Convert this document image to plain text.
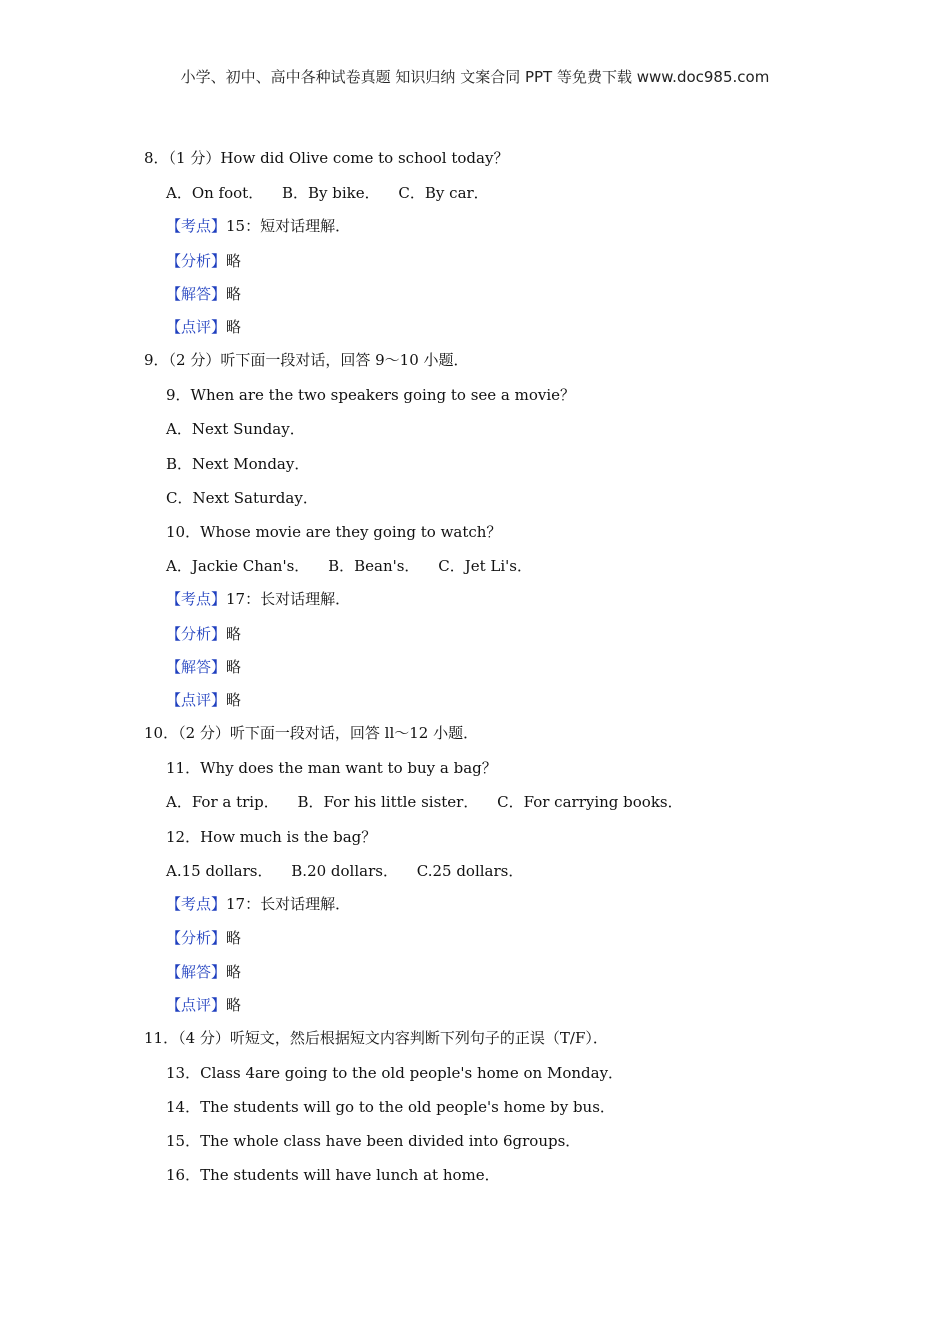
小学、初中、高中各种试卷真题 知识归纳 文案合同 PPT 等免费下载 www.doc985.com
8．（1 分）How did Olive come to school today？
A．On foot． B．By bike． C．By car．
【考点】15：短对话理解．
【分析】略
【解答】略
【点评】略
9．（2 分）听下面一段对话，回答 9～10 小题．
9．When are the two speakers going to see a movie？
A．Next Sunday．
B．Next Monday．
C．Next Saturday．
10．Whose movie are they going to watch？
A．Jackie Chan's． B．Bean's． C．Jet Li's．
【考点】17：长对话理解．
【分析】略
【解答】略
【点评】略
10．（2 分）听下面一段对话，回答 ll～12 小题．
11．Why does the man want to buy a bag？
A．For a trip． B．For his little sister． C．For carrying books．
12．How much is the bag？
A.15 dollars． B.20 dollars． C.25 dollars．
【考点】17：长对话理解．
【分析】略
【解答】略
【点评】略
11．（4 分）听短文，然后根据短文内容判断下列句子的正误（T/F）．
13．Class 4are going to the old people's home on Monday．
14．The students will go to the old people's home by bus．
15．The whole class have been divided into 6groups．
16．The students will have lunch at home．
